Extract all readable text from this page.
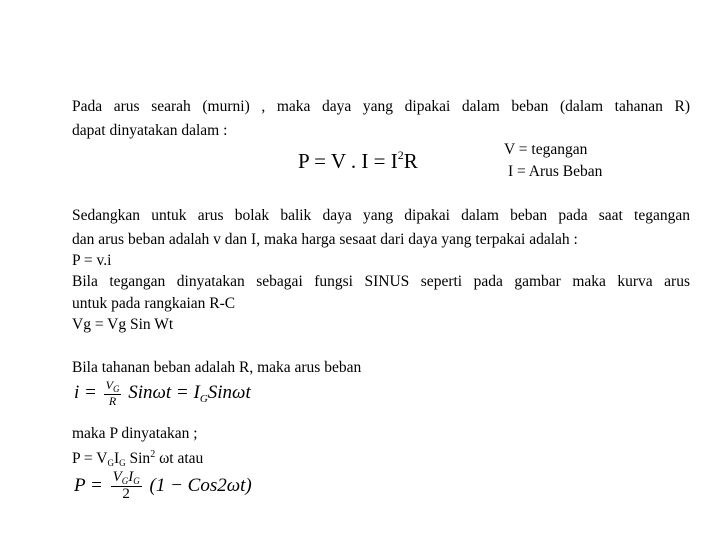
Pada arus searah (murni) , maka daya yang dipakai dalam beban (dalam tahanan R)
dapat dinyatakan dalam :
P = V . $I = I^2R$	V = tegangan
I = Arus Beban
Sedangkan untuk arus bolak balik daya yang dipakai dalam beban pada saat tegangan
dan arus beban adalah v dan I, maka harga sesaat dari daya yang terpakai adalah :
P = v.i
Bila tegangan dinyatakan sebagai fungsi SINUS seperti pada gambar maka kurva arus
untuk pada rangkaian R-C
Vg = Vg Sin Wt
Bila tahanan beban adalah R, maka arus beban
$i = \frac{V_G}{R}$ $Sin\omega t = I_GSin\omega t$
maka P dinyatakan ;
P = VGIG Sin$^2$ ωt atau
$P = \frac{V_GI_G}{2} (1 - Cos2\omega t)$
